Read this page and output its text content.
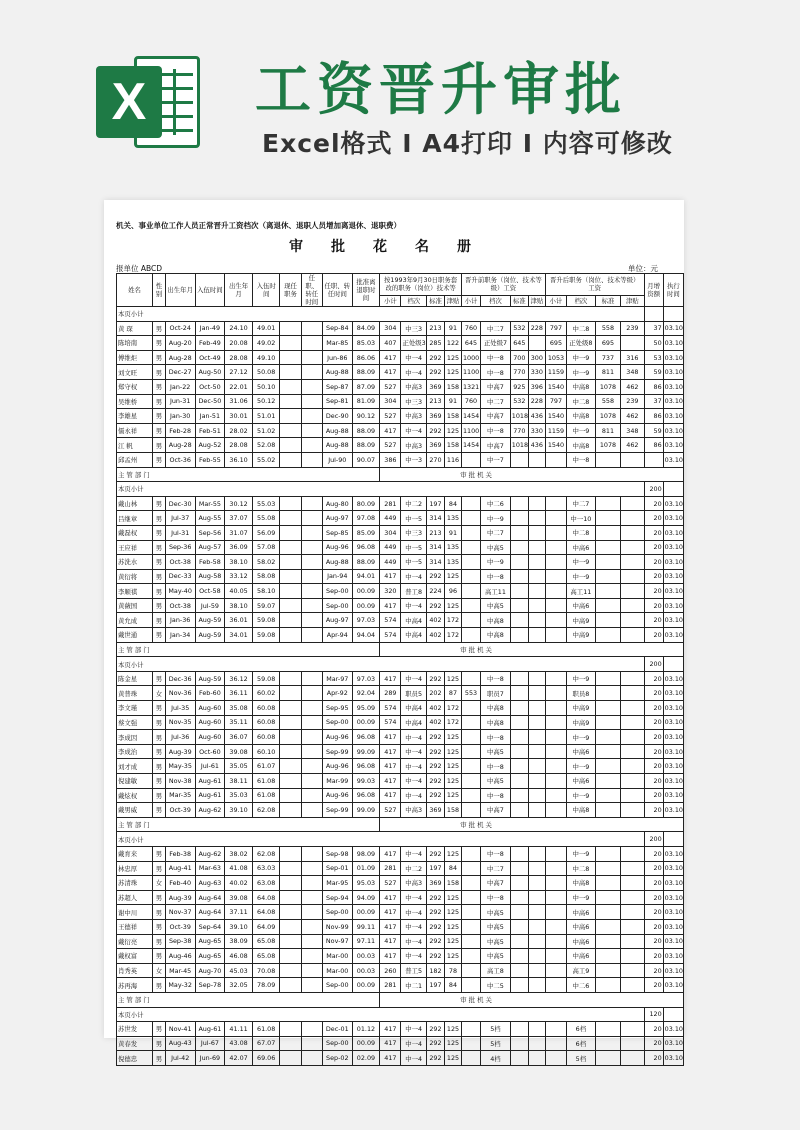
X 工资晋升审批
Excel格式 I A4打印 I 内容可修改
机关、事业单位工作人员正常晋升工资档次（离退休、退职人员增加离退休、退职费）
审批花名册
报单位 ABCD	单位：元
姓名	性别	出生年月	入伍时间	出生年月	入伍时间	现任职务	任职、转任时间	任职、转任时间	批准离退职时间	按1993年9月30日职务套改的职务（岗位）技术等				晋升前职务（岗位、技术等级）工资				晋升后职务（岗位、技术等级）工资				月增资额	执行时间
										小计	档次	标准	津贴	小计	档次	标准	津贴	小计	档次	标准	津贴		
本页小计																							
黄 琛	男	Oct-24	Jan-49	24.10	49.01			Sep-84	84.09	304	中三3	213	91	760	中二7	532	228	797	中二8	558	239	37	03.10
陈培南	男	Aug-20	Feb-49	20.08	49.02			Mar-85	85.03	407	正处级3	285	122	645	正处级7	645		695	正处级8	695		50	03.10
傅维炬	男	Aug-28	Oct-49	28.08	49.10			Jun-86	86.06	417	中一4	292	125	1000	中一8	700	300	1053	中一9	737	316	53	03.10
刘文旺	男	Dec-27	Aug-50	27.12	50.08			Aug-88	88.09	417	中一4	292	125	1100	中一8	770	330	1159	中一9	811	348	59	03.10
郑守权	男	Jan-22	Oct-50	22.01	50.10			Sep-87	87.09	527	中高3	369	158	1321	中高7	925	396	1540	中高8	1078	462	86	03.10
吴维桥	男	Jun-31	Dec-50	31.06	50.12			Sep-81	81.09	304	中三3	213	91	760	中二7	532	228	797	中二8	558	239	37	03.10
李雄星	男	Jan-30	Jan-51	30.01	51.01			Dec-90	90.12	527	中高3	369	158	1454	中高7	1018	436	1540	中高8	1078	462	86	03.10
儒永祥	男	Feb-28	Feb-51	28.02	51.02			Aug-88	88.09	417	中一4	292	125	1100	中一8	770	330	1159	中一9	811	348	59	03.10
江 帆	男	Aug-28	Aug-52	28.08	52.08			Aug-88	88.09	527	中高3	369	158	1454	中高7	1018	436	1540	中高8	1078	462	86	03.10
邱孟州	男	Oct-36	Feb-55	36.10	55.02			Jul-90	90.07	386	中一3	270	116		中一7				中一8				03.10
主 管 部 门										审 批 机 关													
本页小计																						200	
戴山林	男	Dec-30	Mar-55	30.12	55.03			Aug-80	80.09	281	中二2	197	84		中二6				中二7			20	03.10
吕继章	男	Jul-37	Aug-55	37.07	55.08			Aug-97	97.08	449	中一5	314	135		中一9				中一10			20	03.10
戴磊权	男	Jul-31	Sep-56	31.07	56.09			Sep-85	85.09	304	中三3	213	91		中二7				中二8			20	03.10
王应祥	男	Sep-36	Aug-57	36.09	57.08			Aug-96	96.08	449	中一5	314	135		中高5				中高6			20	03.10
苏洗水	男	Oct-38	Feb-58	38.10	58.02			Aug-88	88.09	449	中一5	314	135		中一9				中一9			20	03.10
黄衍将	男	Dec-33	Aug-58	33.12	58.08			Jan-94	94.01	417	中一4	292	125		中一8				中一9			20	03.10
李顺祺	男	May-40	Oct-58	40.05	58.10			Sep-00	00.09	320	普工8	224	96		高工11				高工11			20	03.10
黄薇国	男	Oct-38	Jul-59	38.10	59.07			Sep-00	00.09	417	中一4	292	125		中高5				中高6			20	03.10
黄允成	男	Jan-36	Aug-59	36.01	59.08			Aug-97	97.03	574	中高4	402	172		中高8				中高9			20	03.10
戴世通	男	Jan-34	Aug-59	34.01	59.08			Apr-94	94.04	574	中高4	402	172		中高8				中高9			20	03.10
主 管 部 门										审 批 机 关													
本页小计																						200	
陈金星	男	Dec-36	Aug-59	36.12	59.08			Mar-97	97.03	417	中一4	292	125		中一8				中一9			20	03.10
黄普珠	女	Nov-36	Feb-60	36.11	60.02			Apr-92	92.04	289	职员5	202	87	553	职员7				职员8			20	03.10
李文瑾	男	Jul-35	Aug-60	35.08	60.08			Sep-95	95.09	574	中高4	402	172		中高8				中高9			20	03.10
蔡文强	男	Nov-35	Aug-60	35.11	60.08			Sep-00	00.09	574	中高4	402	172		中高8				中高9			20	03.10
李成因	男	Jul-36	Aug-60	36.07	60.08			Aug-96	96.08	417	中一4	292	125		中一8				中一9			20	03.10
李成治	男	Aug-39	Oct-60	39.08	60.10			Sep-99	99.09	417	中一4	292	125		中高5				中高6			20	03.10
刘才成	男	May-35	Jul-61	35.05	61.07			Aug-96	96.08	417	中一4	292	125		中一8				中一9			20	03.10
倪建敏	男	Nov-38	Aug-61	38.11	61.08			Mar-99	99.03	417	中一4	292	125		中高5				中高6			20	03.10
戴炫权	男	Mar-35	Aug-61	35.03	61.08			Aug-96	96.08	417	中一4	292	125		中一8				中一9			20	03.10
戴男威	男	Oct-39	Aug-62	39.10	62.08			Sep-99	99.09	527	中高3	369	158		中高7				中高8			20	03.10
主 管 部 门										审 批 机 关													
本页小计																						200	
戴育来	男	Feb-38	Aug-62	38.02	62.08			Sep-98	98.09	417	中一4	292	125		中一8				中一9			20	03.10
林忠厚	男	Aug-41	Mar-63	41.08	63.03			Sep-01	01.09	281	中二2	197	84		中二7				中二8			20	03.10
苏清珠	女	Feb-40	Aug-63	40.02	63.08			Mar-95	95.03	527	中高3	369	158		中高7				中高8			20	03.10
苏超人	男	Aug-39	Aug-64	39.08	64.08			Sep-94	94.09	417	中一4	292	125		中一8				中一9			20	03.10
谢中川	男	Nov-37	Aug-64	37.11	64.08			Sep-00	00.09	417	中一4	292	125		中高5				中高6			20	03.10
王德祥	男	Oct-39	Sep-64	39.10	64.09			Nov-99	99.11	417	中一4	292	125		中高5				中高6			20	03.10
戴衍亮	男	Sep-38	Aug-65	38.09	65.08			Nov-97	97.11	417	中一4	292	125		中高5				中高6			20	03.10
戴权富	男	Aug-46	Aug-65	46.08	65.08			Mar-00	00.03	417	中一4	292	125		中高5				中高6			20	03.10
肖秀英	女	Mar-45	Aug-70	45.03	70.08			Mar-00	00.03	260	普工5	182	78		高工8				高工9			20	03.10
苏再海	男	May-32	Sep-78	32.05	78.09			Sep-00	00.09	281	中二1	197	84		中二5				中二6			20	03.10
主 管 部 门										审 批 机 关													
本页小计																						120	
苏世发	男	Nov-41	Aug-61	41.11	61.08			Dec-01	01.12	417	中一4	292	125		5档				6档			20	03.10
黄春发	男	Aug-43	Jul-67	43.08	67.07			Sep-00	00.09	417	中一4	292	125		5档				6档			20	03.10
倪德忠	男	Jul-42	Jun-69	42.07	69.06			Sep-02	02.09	417	中一4	292	125		4档				5档			20	03.10
